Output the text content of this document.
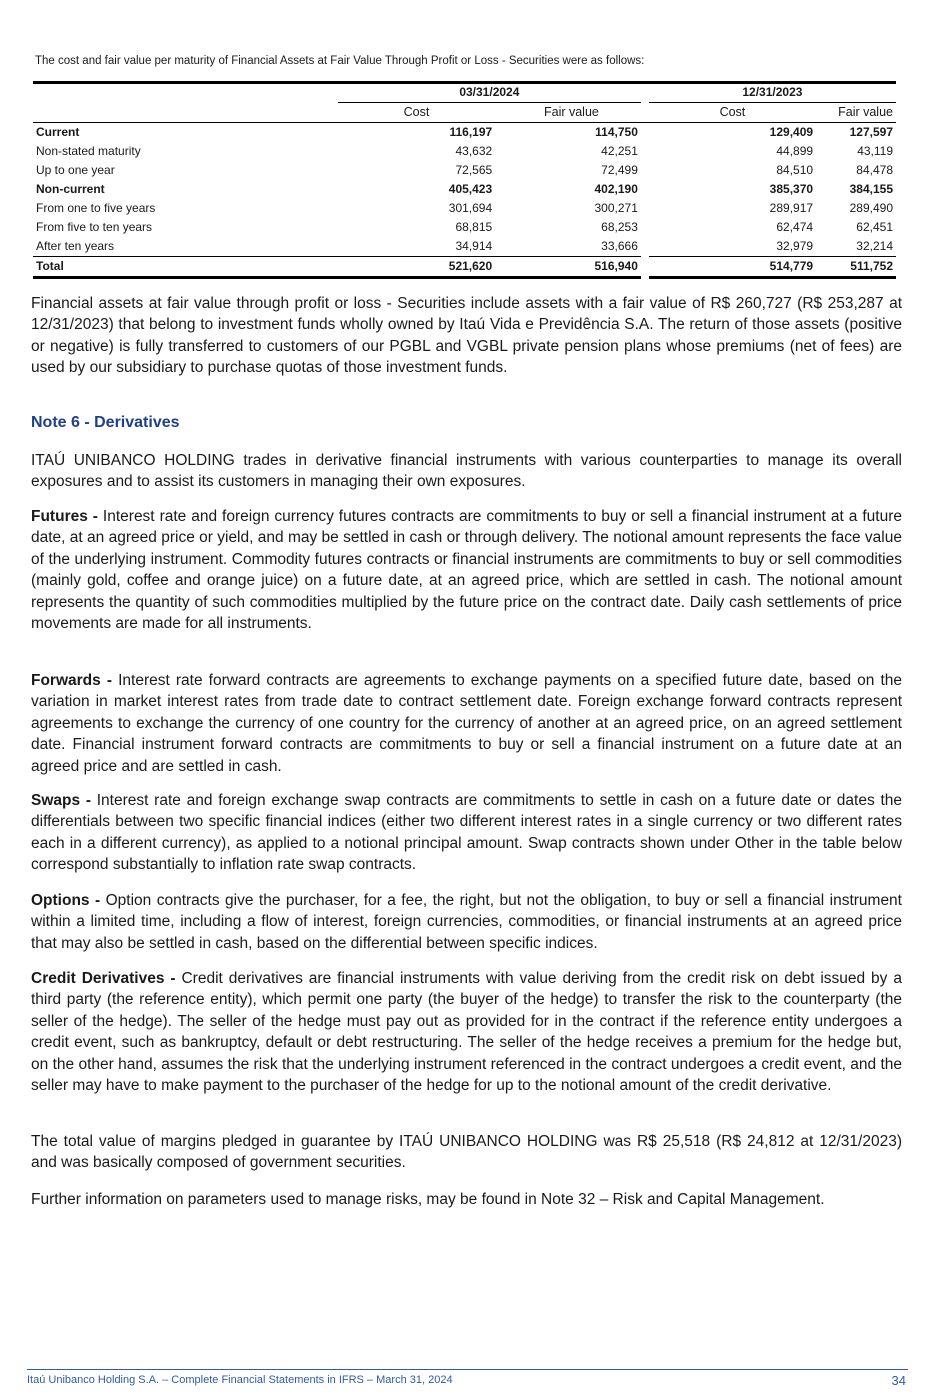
The cost and fair value per maturity of Financial Assets at Fair Value Through Profit or Loss - Securities were as follows:

	03/31/2024			12/31/2023	
	Cost	Fair value		Cost	Fair value
Current	116,197	114,750		129,409	127,597
Non-stated maturity	43,632	42,251		44,899	43,119
Up to one year	72,565	72,499		84,510	84,478
Non-current	405,423	402,190		385,370	384,155
From one to five years	301,694	300,271		289,917	289,490
From five to ten years	68,815	68,253		62,474	62,451
After ten years	34,914	33,666		32,979	32,214
Total	521,620	516,940		514,779	511,752

Financial assets at fair value through profit or loss - Securities include assets with a fair value of R$ 260,727 (R$ 253,287 at 12/31/2023) that belong to investment funds wholly owned by Itaú Vida e Previdência S.A. The return of those assets (positive or negative) is fully transferred to customers of our PGBL and VGBL private pension plans whose premiums (net of fees) are used by our subsidiary to purchase quotas of those investment funds.

Note 6 - Derivatives

ITAÚ UNIBANCO HOLDING trades in derivative financial instruments with various counterparties to manage its overall exposures and to assist its customers in managing their own exposures.

Futures - Interest rate and foreign currency futures contracts are commitments to buy or sell a financial instrument at a future date, at an agreed price or yield, and may be settled in cash or through delivery. The notional amount represents the face value of the underlying instrument. Commodity futures contracts or financial instruments are commitments to buy or sell commodities (mainly gold, coffee and orange juice) on a future date, at an agreed price, which are settled in cash. The notional amount represents the quantity of such commodities multiplied by the future price on the contract date. Daily cash settlements of price movements are made for all instruments.

Forwards - Interest rate forward contracts are agreements to exchange payments on a specified future date, based on the variation in market interest rates from trade date to contract settlement date. Foreign exchange forward contracts represent agreements to exchange the currency of one country for the currency of another at an agreed price, on an agreed settlement date. Financial instrument forward contracts are commitments to buy or sell a financial instrument on a future date at an agreed price and are settled in cash.

Swaps - Interest rate and foreign exchange swap contracts are commitments to settle in cash on a future date or dates the differentials between two specific financial indices (either two different interest rates in a single currency or two different rates each in a different currency), as applied to a notional principal amount. Swap contracts shown under Other in the table below correspond substantially to inflation rate swap contracts.

Options - Option contracts give the purchaser, for a fee, the right, but not the obligation, to buy or sell a financial instrument within a limited time, including a flow of interest, foreign currencies, commodities, or financial instruments at an agreed price that may also be settled in cash, based on the differential between specific indices.

Credit Derivatives - Credit derivatives are financial instruments with value deriving from the credit risk on debt issued by a third party (the reference entity), which permit one party (the buyer of the hedge) to transfer the risk to the counterparty (the seller of the hedge). The seller of the hedge must pay out as provided for in the contract if the reference entity undergoes a credit event, such as bankruptcy, default or debt restructuring. The seller of the hedge receives a premium for the hedge but, on the other hand, assumes the risk that the underlying instrument referenced in the contract undergoes a credit event, and the seller may have to make payment to the purchaser of the hedge for up to the notional amount of the credit derivative.

The total value of margins pledged in guarantee by ITAÚ UNIBANCO HOLDING was R$ 25,518 (R$ 24,812 at 12/31/2023) and was basically composed of government securities.

Further information on parameters used to manage risks, may be found in Note 32 – Risk and Capital Management.

Itaú Unibanco Holding S.A. – Complete Financial Statements in IFRS – March 31, 2024	34
